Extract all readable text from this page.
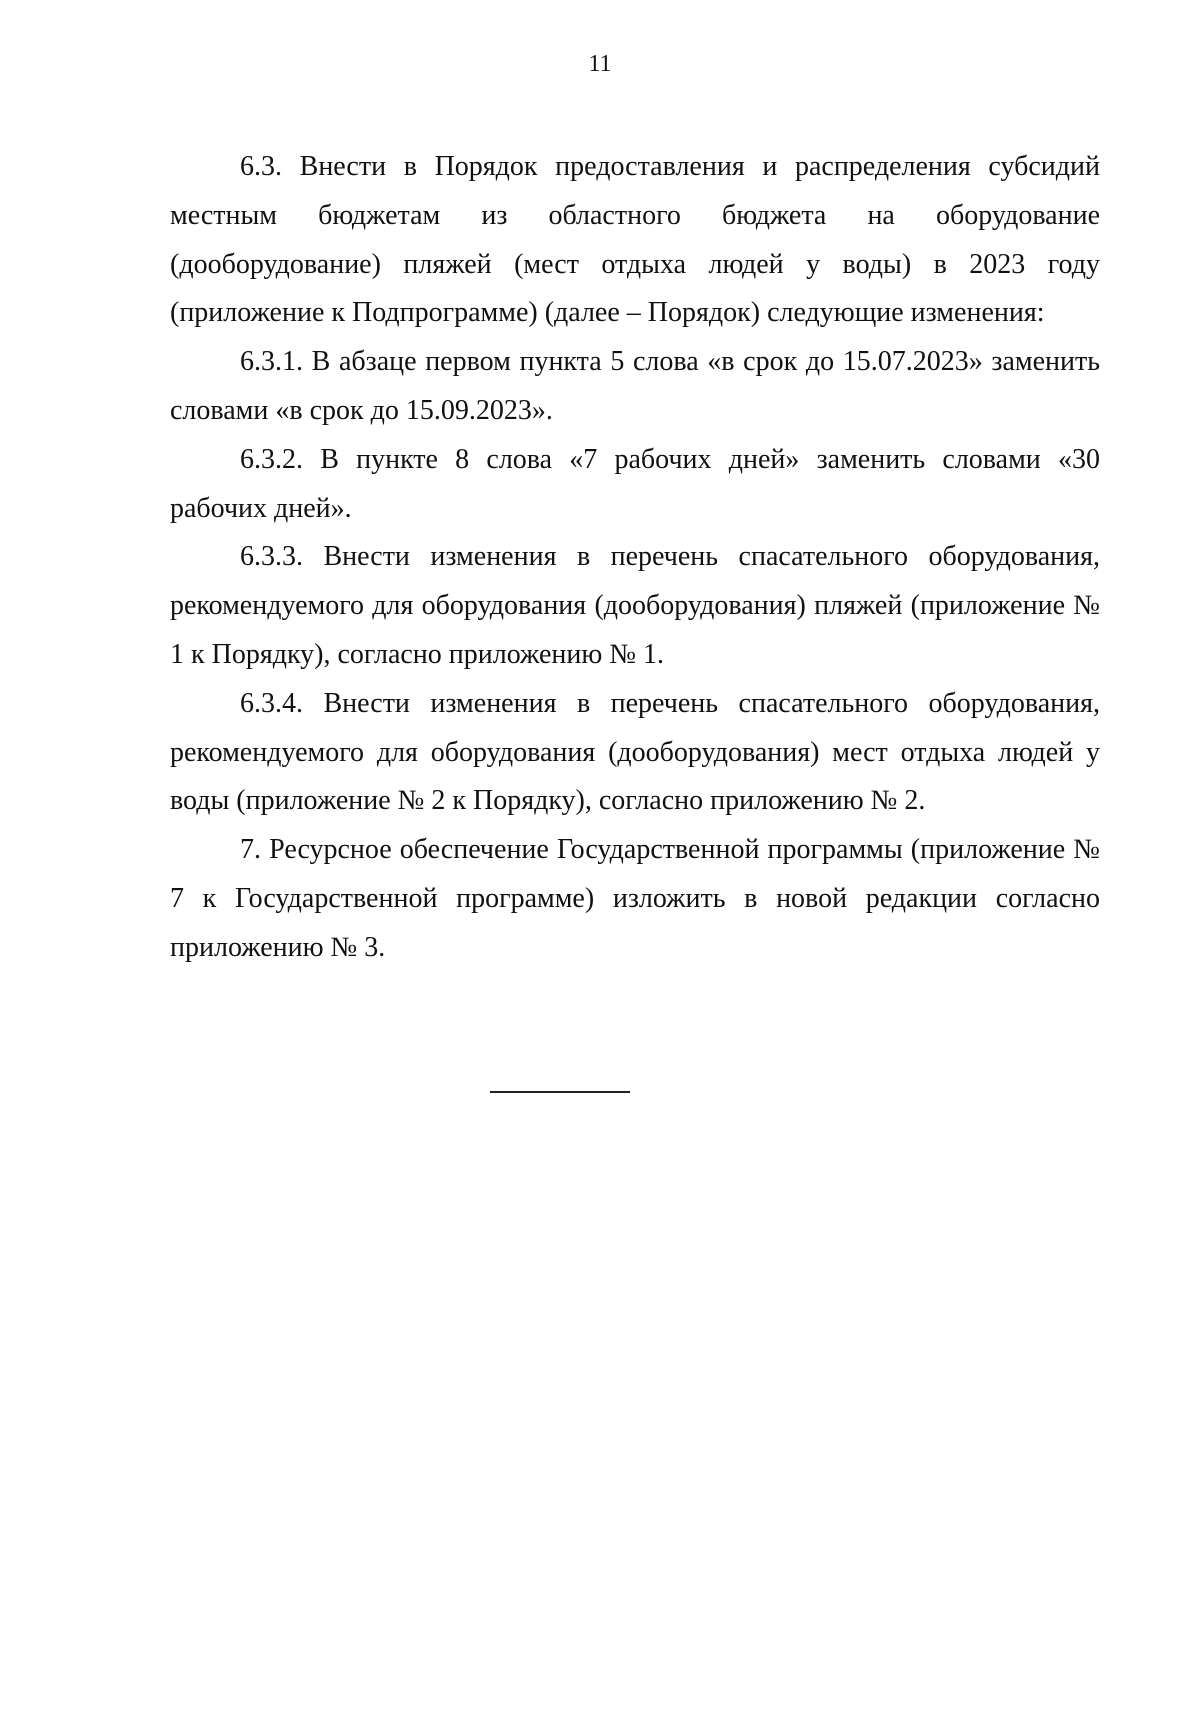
11

6.3. Внести в Порядок предоставления и распределения субсидий местным бюджетам из областного бюджета на оборудование (дооборудование) пляжей (мест отдыха людей у воды) в 2023 году (приложение к Подпрограмме) (далее – Порядок) следующие изменения:

6.3.1. В абзаце первом пункта 5 слова «в срок до 15.07.2023» заменить словами «в срок до 15.09.2023».

6.3.2. В пункте 8 слова «7 рабочих дней» заменить словами «30 рабочих дней».

6.3.3. Внести изменения в перечень спасательного оборудования, рекомендуемого для оборудования (дооборудования) пляжей (приложение № 1 к Порядку), согласно приложению № 1.

6.3.4. Внести изменения в перечень спасательного оборудования, рекомендуемого для оборудования (дооборудования) мест отдыха людей у воды (приложение № 2 к Порядку), согласно приложению № 2.

7. Ресурсное обеспечение Государственной программы (приложение № 7 к Государственной программе) изложить в новой редакции согласно приложению № 3.
